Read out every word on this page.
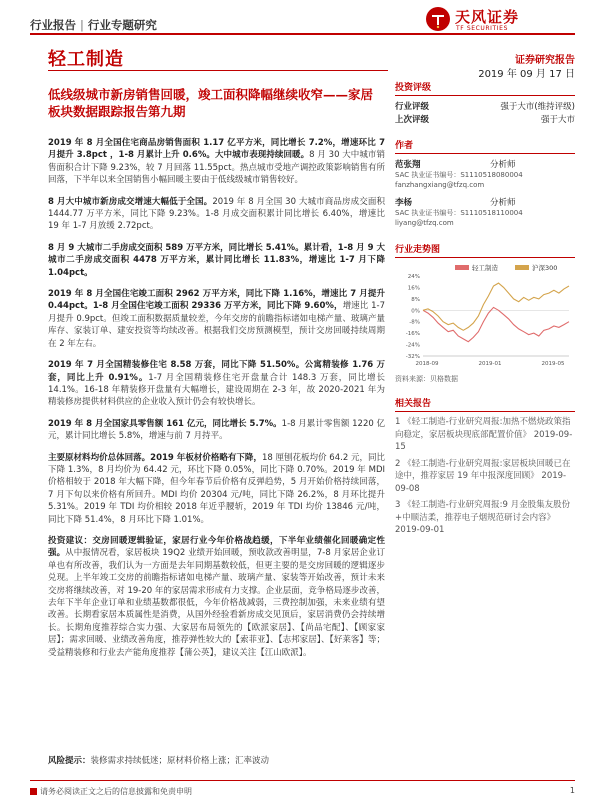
行业报告 | 行业专题研究	天风证券
TF SECURITIES
轻工制造	证券研究报告
2019 年 09 月 17 日
低线级城市新房销售回暖，竣工面积降幅继续收窄——家居板块数据跟踪报告第九期
2019 年 8 月全国住宅商品房销售面积 1.17 亿平方米，同比增长 7.2%，增速环比 7 月提升 3.8pct ，1-8 月累计上升 0.6%。大中城市表现持续回暖。8 月 30 大中城市销售面积合计下降 9.23%，较 7 月回落 11.55pct。热点城市受地产调控政策影响销售有所回落，下半年以来全国销售小幅回暖主要由于低线级城市销售较好。
8 月大中城市新房成交增速大幅低于全国。2019 年 8 月全国 30 大城市商品房成交面积 1444.77 万平方米，同比下降 9.23%。1-8 月成交面积累计同比增长 6.40%，增速比 19 年 1-7 月放缓 2.72pct。
8 月 9 大城市二手房成交面积 589 万平方米，同比增长 5.41%。累计看，1-8 月 9 大城市二手房成交面积 4478 万平方米，累计同比增长 11.83%，增速比 1-7 月下降 1.04pct。
2019 年 8 月全国住宅竣工面积 2962 万平方米，同比下降 1.16%，增速比 7 月提升 0.44pct。1-8 月全国住宅竣工面积 29336 万平方米，同比下降 9.60%，增速比 1-7 月提升 0.9pct。但竣工面积数据质量较差，今年交房的前瞻指标诸如电梯产量、玻璃产量库存、家装订单、建安投资等均续改善。根据我们交房预测模型，预计交房回暖持续周期在 2 年左右。
2019 年 7 月全国精装修住宅 8.58 万套，同比下降 51.50%。公寓精装修 1.76 万套，同比上升 0.91%。1-7 月全国精装修住宅开盘量合计 148.3 万套，同比增长 14.1%。16-18 年精装修开盘量有大幅增长，建设周期在 2-3 年，故 2020-2021 年为精装修房提供材料供应的企业收入预计仍会有较快增长。
2019 年 8 月全国家具零售额 161 亿元，同比增长 5.7%。1-8 月累计零售额 1220 亿元，累计同比增长 5.8%，增速与前 7 月持平。
主要原材料均价总体回落。2019 年板材价格略有下降，18 厘刨花板均价 64.2 元，同比下降 1.3%，8 月均价为 64.42 元，环比下降 0.05%，同比下降 0.70%。2019 年 MDI 价格相较于 2018 年大幅下降，但今年春节后价格有反弹趋势，5 月开始价格持续回落，7 月下旬以来价格有所回升。MDI 均价 20304 元/吨，同比下降 26.2%，8 月环比提升 5.31%。2019 年 TDI 均价相较 2018 年近乎腰斩，2019 年 TDI 均价 13846 元/吨，同比下降 51.4%，8 月环比下降 1.01%。
投资建议：交房回暖逻辑验证，家居行业今年价格战趋缓，下半年业绩催化回暖确定性强。从中报情况看，家居板块 19Q2 业绩开始回暖，预收款改善明显，7-8 月家居企业订单也有所改善，我们认为一方面是去年同期基数较低，但更主要的是交房回暖的逻辑逐步兑现。上半年竣工交房的前瞻指标诸如电梯产量、玻璃产量、家装等开始改善，预计未来交房将继续改善，对 19-20 年的家居需求形成有力支撑。企业层面，竞争格局逐步改善，去年下半年企业订单和业绩基数都很低，今年价格战减弱，三费控制加强，未来业绩有望改善。长期看家居本质属性是消费，从国外经验看新房成交见顶后，家居消费仍会持续增长。长期角度推荐综合实力强、大家居布局领先的【欧派家居】、【尚品宅配】、【顾家家居】；需求回暖、业绩改善角度，推荐弹性较大的【索菲亚】、【志邦家居】、【好莱客】等；受益精装修和行业去产能角度推荐【蒲公英】，建议关注【江山欧派】。
风险提示：装修需求持续低迷；原材料价格上涨；汇率波动
投资评级
行业评级	强于大市(维持评级)
上次评级	强于大市
作者
范张翔	分析师
SAC 执业证书编号：S1110518080004
fanzhangxiang@tfzq.com
李杨	分析师
SAC 执业证书编号：S1110518110004
liyang@tfzq.com
行业走势图
轻工制造	沪深300
24%
16%
8%
0%
-8%
-16%
-24%
-32%
2018-09	2019-01	2019-05
资料来源：贝格数据
相关报告
1 《轻工制造-行业研究周报:加热不燃烧政策指向稳定，家居板块现底部配置价值》 2019-09-15
2 《轻工制造-行业研究周报:家居板块回暖已在途中，推荐家居 19 年中报深度回顾》 2019-09-08
3 《轻工制造-行业研究周报:9 月金股集友股份+中顺洁柔，推荐电子烟规范研讨会内容》 2019-09-01
请务必阅读正文之后的信息披露和免责申明	1
